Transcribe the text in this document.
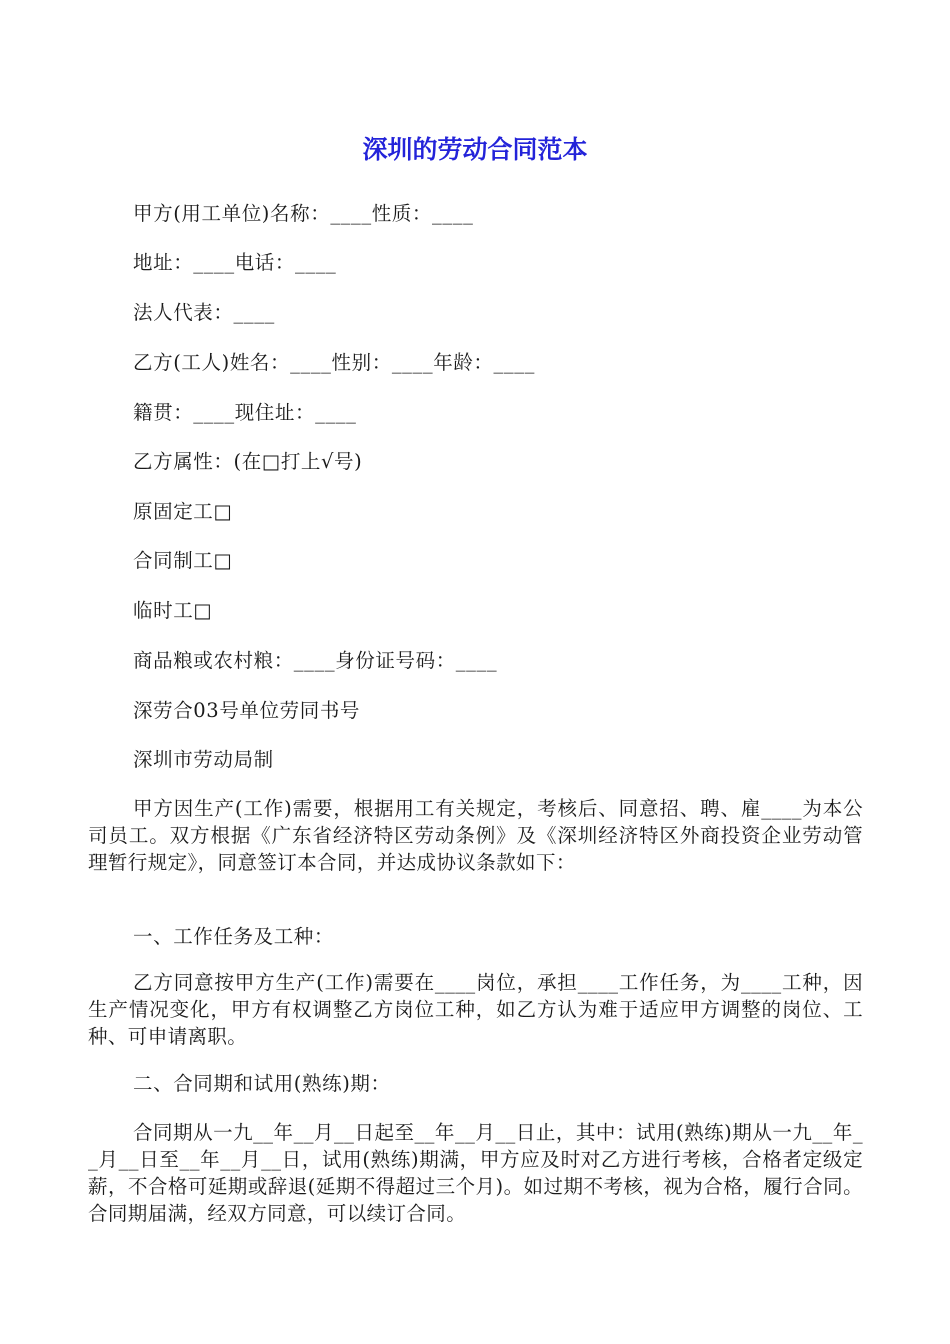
深圳的劳动合同范本
甲方(用工单位)名称：____性质：____
地址：____电话：____
法人代表：____
乙方(工人)姓名：____性别：____年龄：____
籍贯：____现住址：____
乙方属性：(在□打上√号)
原固定工□
合同制工□
临时工□
商品粮或农村粮：____身份证号码：____
深劳合03号单位劳同书号
深圳市劳动局制
甲方因生产(工作)需要，根据用工有关规定，考核后、同意招、聘、雇____为本公司员工。双方根据《广东省经济特区劳动条例》及《深圳经济特区外商投资企业劳动管理暂行规定》，同意签订本合同，并达成协议条款如下：
一、工作任务及工种：
乙方同意按甲方生产(工作)需要在____岗位，承担____工作任务，为____工种，因生产情况变化，甲方有权调整乙方岗位工种，如乙方认为难于适应甲方调整的岗位、工种、可申请离职。
二、合同期和试用(熟练)期：
合同期从一九__年__月__日起至__年__月__日止，其中：试用(熟练)期从一九__年__月__日至__年__月__日，试用(熟练)期满，甲方应及时对乙方进行考核，合格者定级定薪，不合格可延期或辞退(延期不得超过三个月)。如过期不考核，视为合格，履行合同。合同期届满，经双方同意，可以续订合同。
